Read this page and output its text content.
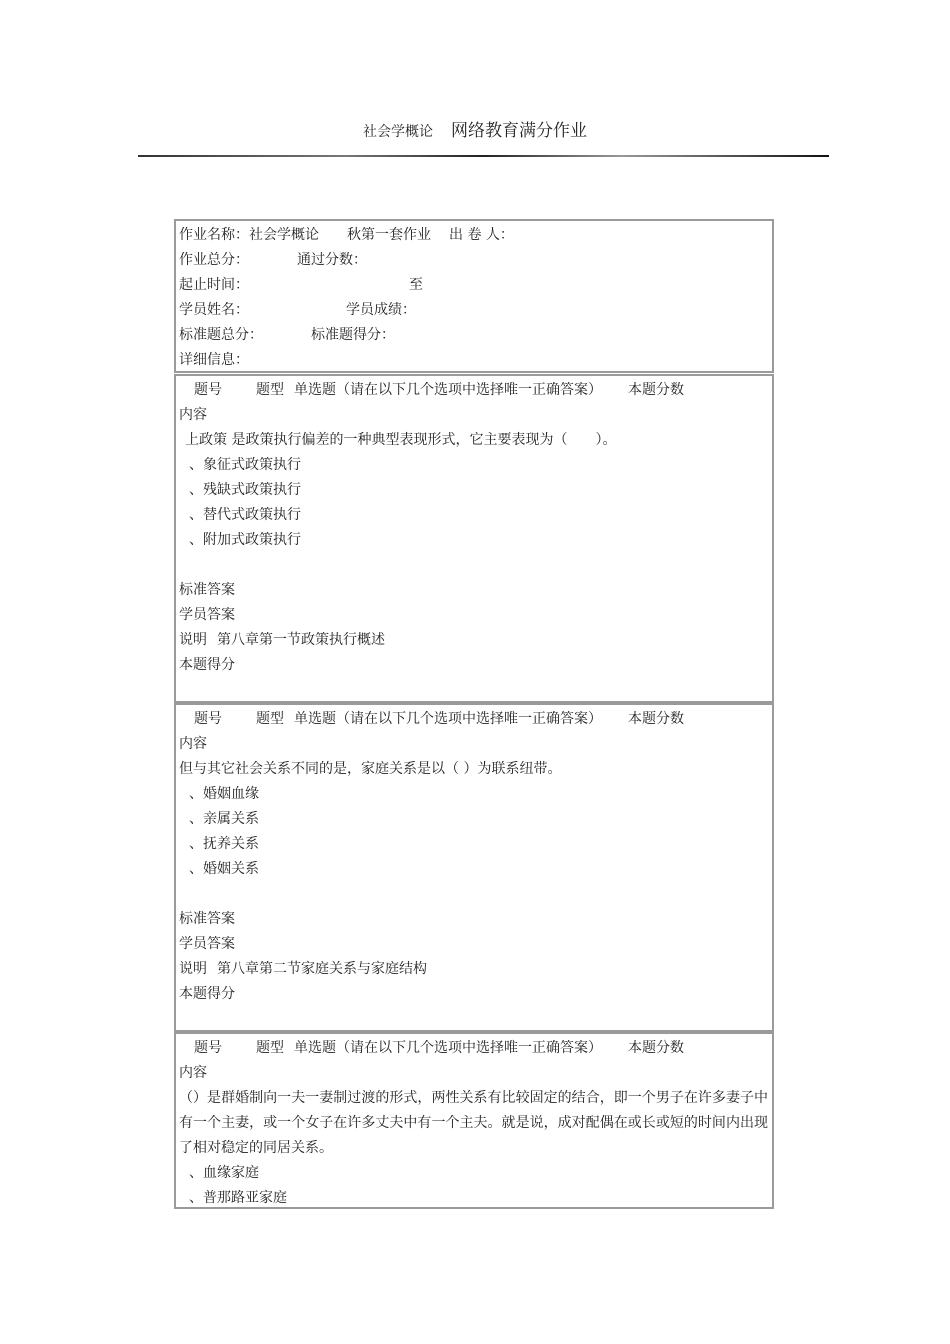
社会学概论 网络教育满分作业
作业名称：社会学概论 秋第一套作业 出 卷 人：
作业总分：	通过分数：
起止时间：	至
学员姓名：	学员成绩：
标准题总分：	标准题得分：
详细信息：
题号 题型 单选题（请在以下几个选项中选择唯一正确答案） 本题分数
内容
上政策 是政策执行偏差的一种典型表现形式，它主要表现为（　　）。
、象征式政策执行
、残缺式政策执行
、替代式政策执行
、附加式政策执行
标准答案
学员答案
说明 第八章第一节政策执行概述
本题得分
题号 题型 单选题（请在以下几个选项中选择唯一正确答案） 本题分数
内容
但与其它社会关系不同的是，家庭关系是以（ ）为联系纽带。
、婚姻血缘
、亲属关系
、抚养关系
、婚姻关系
标准答案
学员答案
说明 第八章第二节家庭关系与家庭结构
本题得分
题号 题型 单选题（请在以下几个选项中选择唯一正确答案） 本题分数
内容
（）是群婚制向一夫一妻制过渡的形式，两性关系有比较固定的结合，即一个男子在许多妻子中有一个主妻，或一个女子在许多丈夫中有一个主夫。就是说，成对配偶在或长或短的时间内出现了相对稳定的同居关系。
、血缘家庭
、普那路亚家庭
